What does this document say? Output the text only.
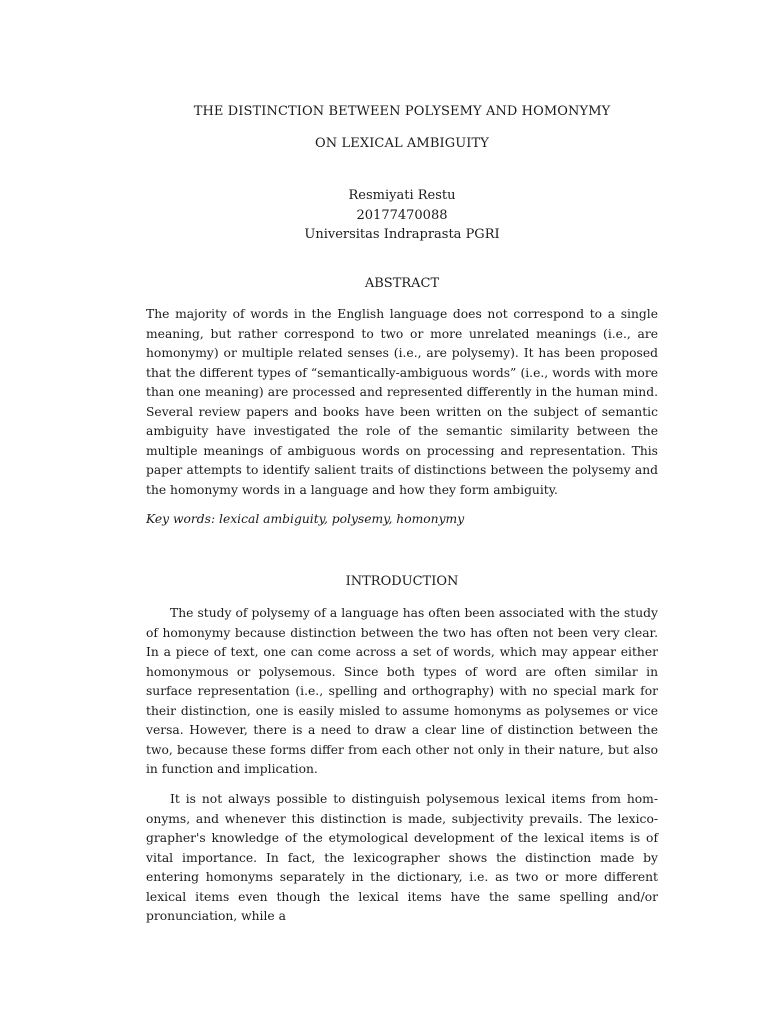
THE DISTINCTION BETWEEN POLYSEMY AND HOMONYMY
ON LEXICAL AMBIGUITY
Resmiyati Restu
20177470088
Universitas Indraprasta PGRI
ABSTRACT
The majority of words in the English language does not correspond to a single meaning, but rather correspond to two or more unrelated meanings (i.e., are homonymy) or multiple related senses (i.e., are polysemy). It has been proposed that the different types of “semantically-ambiguous words” (i.e., words with more than one meaning) are processed and represented differently in the human mind. Several review papers and books have been written on the subject of semantic ambiguity have investigated the role of the semantic similarity between the multiple meanings of ambiguous words on processing and representation. This paper attempts to identify salient traits of distinctions between the polysemy and the homonymy words in a language and how they form ambiguity.
Key words: lexical ambiguity, polysemy, homonymy
INTRODUCTION
The study of polysemy of a language has often been associated with the study of homonymy because distinction between the two has often not been very clear. In a piece of text, one can come across a set of words, which may appear either homonymous or polysemous. Since both types of word are often similar in surface representation (i.e., spelling and orthography) with no special mark for their distinction, one is easily misled to assume homonyms as polysemes or vice versa. However, there is a need to draw a clear line of distinction between the two, because these forms differ from each other not only in their nature, but also in function and implication.
It is not always possible to distinguish polysemous lexical items from homonyms, and whenever this distinction is made, subjectivity prevails. The lexicographer's knowledge of the etymological development of the lexical items is of vital importance. In fact, the lexicographer shows the distinction made by entering homonyms separately in the dictionary, i.e. as two or more different lexical items even though the lexical items have the same spelling and/or pronunciation, while a
